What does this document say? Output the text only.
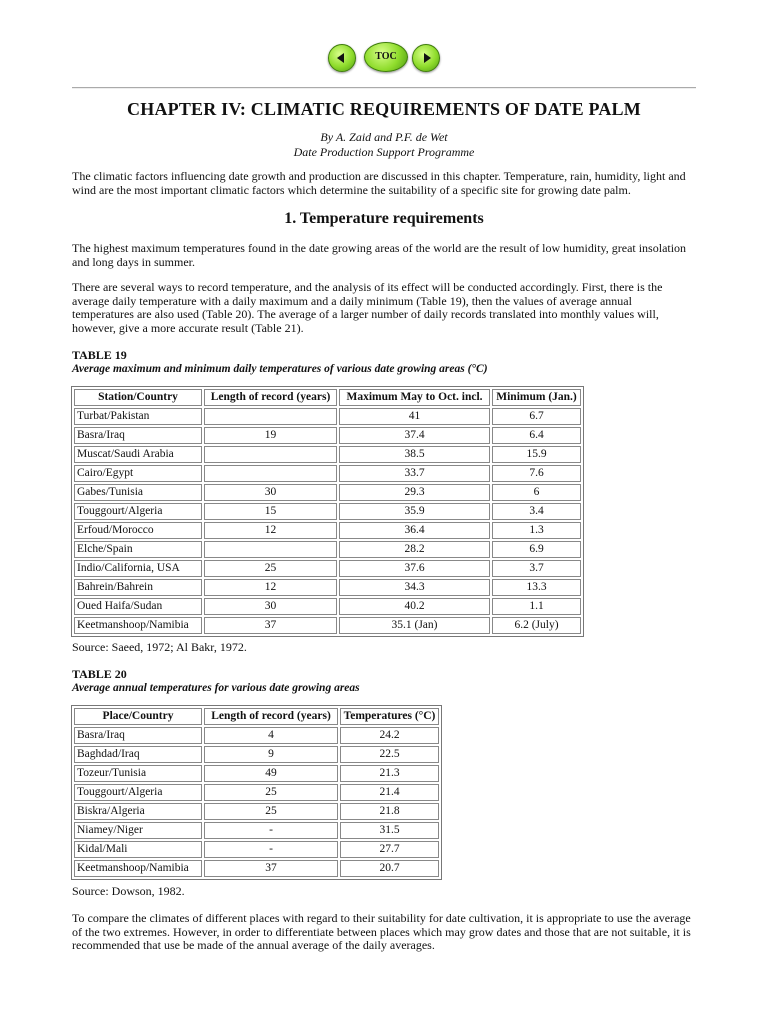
TOC
CHAPTER IV: CLIMATIC REQUIREMENTS OF DATE PALM
By A. Zaid and P.F. de Wet
Date Production Support Programme

The climatic factors influencing date growth and production are discussed in this chapter. Temperature, rain, humidity, light and wind are the most important climatic factors which determine the suitability of a specific site for growing date palm.

1. Temperature requirements

The highest maximum temperatures found in the date growing areas of the world are the result of low humidity, great insolation and long days in summer.

There are several ways to record temperature, and the analysis of its effect will be conducted accordingly. First, there is the average daily temperature with a daily maximum and a daily minimum (Table 19), then the values of average annual temperatures are also used (Table 20). The average of a larger number of daily records translated into monthly values will, however, give a more accurate result (Table 21).

TABLE 19
Average maximum and minimum daily temperatures of various date growing areas (°C)
Station/Country	Length of record (years)	Maximum May to Oct. incl.	Minimum (Jan.)
Turbat/Pakistan		41	6.7
Basra/Iraq	19	37.4	6.4
Muscat/Saudi Arabia		38.5	15.9
Cairo/Egypt		33.7	7.6
Gabes/Tunisia	30	29.3	6
Touggourt/Algeria	15	35.9	3.4
Erfoud/Morocco	12	36.4	1.3
Elche/Spain		28.2	6.9
Indio/California, USA	25	37.6	3.7
Bahrein/Bahrein	12	34.3	13.3
Oued Haifa/Sudan	30	40.2	1.1
Keetmanshoop/Namibia	37	35.1 (Jan)	6.2 (July)

Source: Saeed, 1972; Al Bakr, 1972.

TABLE 20
Average annual temperatures for various date growing areas
Place/Country	Length of record (years)	Temperatures (°C)
Basra/Iraq	4	24.2
Baghdad/Iraq	9	22.5
Tozeur/Tunisia	49	21.3
Touggourt/Algeria	25	21.4
Biskra/Algeria	25	21.8
Niamey/Niger	-	31.5
Kidal/Mali	-	27.7
Keetmanshoop/Namibia	37	20.7

Source: Dowson, 1982.

To compare the climates of different places with regard to their suitability for date cultivation, it is appropriate to use the average of the two extremes. However, in order to differentiate between places which may grow dates and those that are not suitable, it is recommended that use be made of the annual average of the daily averages.
